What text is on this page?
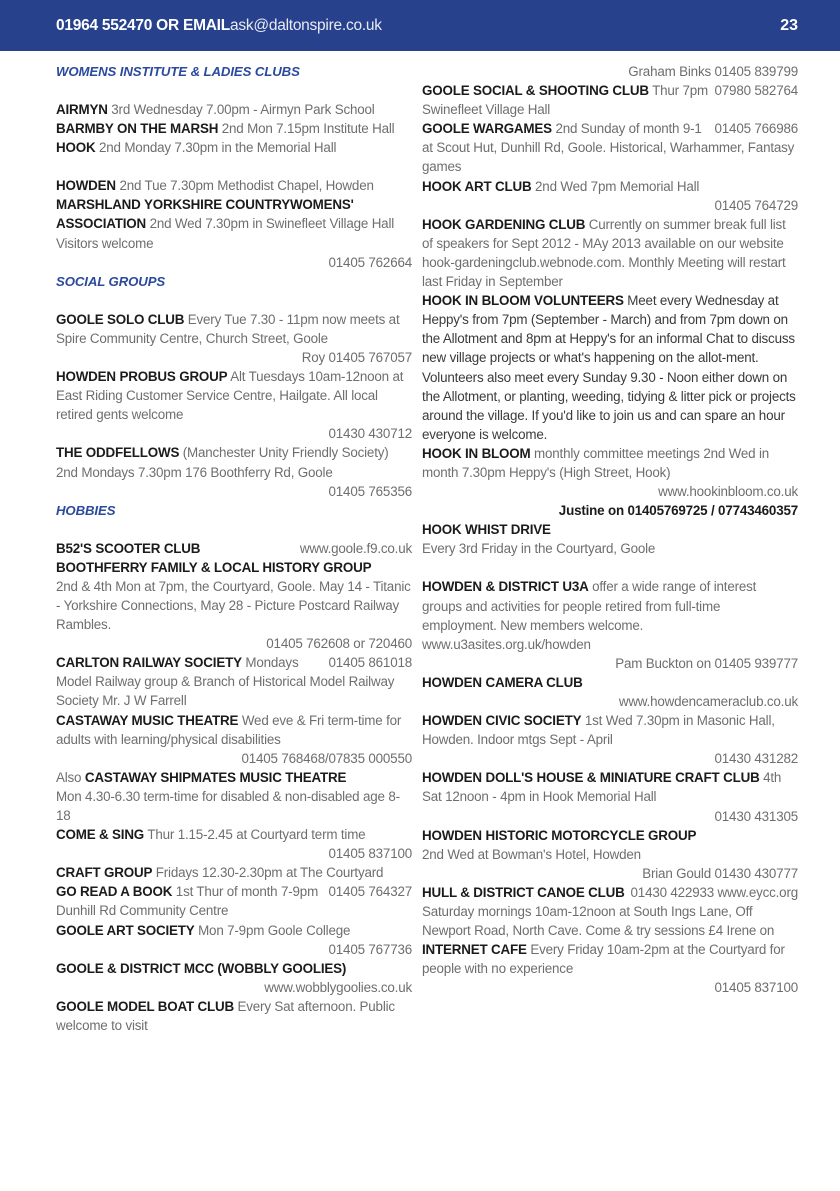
01964 552470 OR EMAILask@daltonspire.co.uk	23
WOMENS INSTITUTE & LADIES CLUBS
AIRMYN 3rd Wednesday 7.00pm - Airmyn Park School
BARMBY ON THE MARSH 2nd Mon 7.15pm Institute Hall
HOOK 2nd Monday 7.30pm in the Memorial Hall
HOWDEN 2nd Tue 7.30pm Methodist Chapel, Howden
MARSHLAND YORKSHIRE COUNTRYWOMENS' ASSOCIATION 2nd Wed 7.30pm in Swinefleet Village Hall Visitors welcome
01405 762664
SOCIAL GROUPS
GOOLE SOLO CLUB Every Tue 7.30 - 11pm now meets at Spire Community Centre, Church Street, Goole
Roy 01405 767057
HOWDEN PROBUS GROUP Alt Tuesdays 10am-12noon at East Riding Customer Service Centre, Hailgate. All local retired gents welcome
01430 430712
THE ODDFELLOWS (Manchester Unity Friendly Society) 2nd Mondays 7.30pm 176 Boothferry Rd, Goole
01405 765356
HOBBIES
www.goole.f9.co.uk
B52'S SCOOTER CLUB
BOOTHFERRY FAMILY & LOCAL HISTORY GROUP
2nd & 4th Mon at 7pm, the Courtyard, Goole. May 14 - Titanic - Yorkshire Connections, May 28 - Picture Postcard Railway Rambles.
01405 762608 or 720460
01405 861018
CARLTON RAILWAY SOCIETY Mondays Model Railway group & Branch of Historical Model Railway Society Mr. J W Farrell
CASTAWAY MUSIC THEATRE Wed eve & Fri term-time for adults with learning/physical disabilities
01405 768468/07835 000550
Also CASTAWAY SHIPMATES MUSIC THEATRE
Mon 4.30-6.30 term-time for disabled & non-disabled age 8-18
COME & SING Thur 1.15-2.45 at Courtyard term time
01405 837100
CRAFT GROUP Fridays 12.30-2.30pm at The Courtyard
01405 764327
GO READ A BOOK 1st Thur of month 7-9pm Dunhill Rd Community Centre
GOOLE ART SOCIETY Mon 7-9pm Goole College
01405 767736
GOOLE & DISTRICT MCC (WOBBLY GOOLIES)
www.wobblygoolies.co.uk
GOOLE MODEL BOAT CLUB Every Sat afternoon. Public welcome to visit
Graham Binks 01405 839799
07980 582764
GOOLE SOCIAL & SHOOTING CLUB Thur 7pm Swinefleet Village Hall
01405 766986
GOOLE WARGAMES 2nd Sunday of month 9-1 at Scout Hut, Dunhill Rd, Goole. Historical, Warhammer, Fantasy games
HOOK ART CLUB 2nd Wed 7pm Memorial Hall
01405 764729
HOOK GARDENING CLUB Currently on summer break full list of speakers for Sept 2012 - MAy 2013 available on our website hook-gardeningclub.webnode.com. Monthly Meeting will restart last Friday in September
HOOK IN BLOOM VOLUNTEERS Meet every Wednesday at Heppy's from 7pm (September - March) and from 7pm down on the Allotment and 8pm at Heppy's for an informal Chat to discuss new village projects or what's happening on the allot-ment.
Volunteers also meet every Sunday 9.30 - Noon either down on the Allotment, or planting, weeding, tidying & litter pick or projects around the village. If you'd like to join us and can spare an hour everyone is welcome.
HOOK IN BLOOM monthly committee meetings 2nd Wed in month 7.30pm Heppy's (High Street, Hook)
www.hookinbloom.co.uk
Justine on 01405769725 / 07743460357
HOOK WHIST DRIVE
Every 3rd Friday in the Courtyard, Goole
HOWDEN & DISTRICT U3A offer a wide range of interest groups and activities for people retired from full-time employment. New members welcome. www.u3asites.org.uk/howden
Pam Buckton on 01405 939777
HOWDEN CAMERA CLUB
www.howdencameraclub.co.uk
HOWDEN CIVIC SOCIETY 1st Wed 7.30pm in Masonic Hall, Howden. Indoor mtgs Sept - April
01430 431282
HOWDEN DOLL'S HOUSE & MINIATURE CRAFT CLUB 4th Sat 12noon - 4pm in Hook Memorial Hall
01430 431305
HOWDEN HISTORIC MOTORCYCLE GROUP
2nd Wed at Bowman's Hotel, Howden
Brian Gould 01430 430777
01430 422933 www.eycc.org
HULL & DISTRICT CANOE CLUB Saturday mornings 10am-12noon at South Ings Lane, Off Newport Road, North Cave. Come & try sessions £4 Irene on
INTERNET CAFE Every Friday 10am-2pm at the Courtyard for people with no experience
01405 837100
